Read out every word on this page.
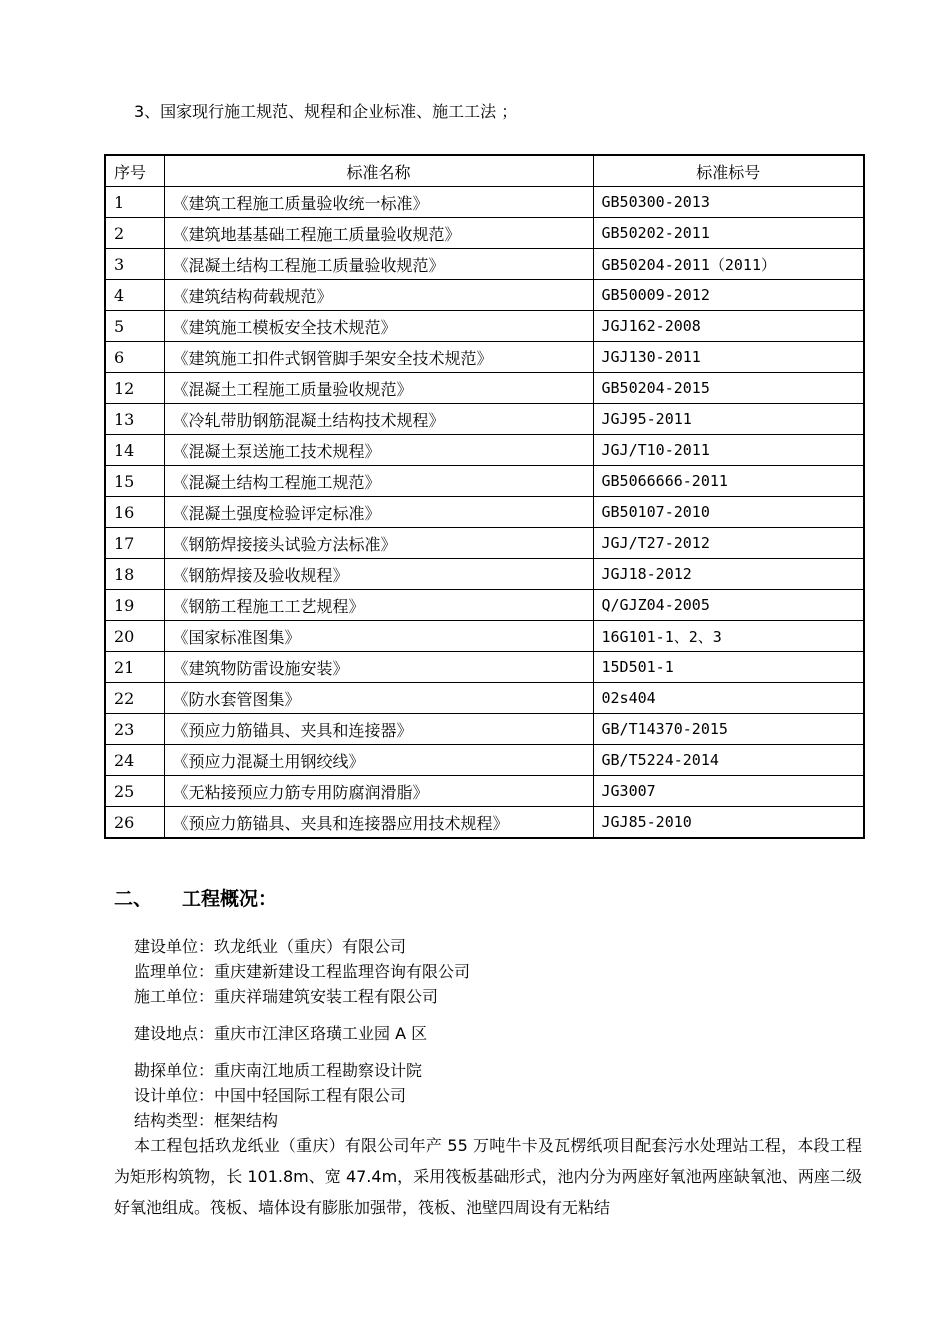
3、国家现行施工规范、规程和企业标准、施工工法 ；
序号	标准名称	标准标号
1	《建筑工程施工质量验收统一标准》	GB50300-2013
2	《建筑地基基础工程施工质量验收规范》	GB50202-2011
3	《混凝土结构工程施工质量验收规范》	GB50204-2011（2011）
4	《建筑结构荷载规范》	GB50009-2012
5	《建筑施工模板安全技术规范》	JGJ162-2008
6	《建筑施工扣件式钢管脚手架安全技术规范》	JGJ130-2011
12	《混凝土工程施工质量验收规范》	GB50204-2015
13	《冷轧带肋钢筋混凝土结构技术规程》	JGJ95-2011
14	《混凝土泵送施工技术规程》	JGJ/T10-2011
15	《混凝土结构工程施工规范》	GB5066666-2011
16	《混凝土强度检验评定标准》	GB50107-2010
17	《钢筋焊接接头试验方法标准》	JGJ/T27-2012
18	《钢筋焊接及验收规程》	JGJ18-2012
19	《钢筋工程施工工艺规程》	Q/GJZ04-2005
20	《国家标准图集》	16G101-1、2、3
21	《建筑物防雷设施安装》	15D501-1
22	《防水套管图集》	02s404
23	《预应力筋锚具、夹具和连接器》	GB/T14370-2015
24	《预应力混凝土用钢绞线》	GB/T5224-2014
25	《无粘接预应力筋专用防腐润滑脂》	JG3007
26	《预应力筋锚具、夹具和连接器应用技术规程》	JGJ85-2010
二、 工程概况：
建设单位：玖龙纸业（重庆）有限公司
监理单位：重庆建新建设工程监理咨询有限公司
施工单位：重庆祥瑞建筑安装工程有限公司
建设地点：重庆市江津区珞璜工业园 A 区
勘探单位：重庆南江地质工程勘察设计院
设计单位：中国中轻国际工程有限公司
结构类型：框架结构
本工程包括玖龙纸业（重庆）有限公司年产 55 万吨牛卡及瓦楞纸项目配套污水处理站工程，本段工程为矩形构筑物，长 101.8m、宽 47.4m，采用筏板基础形式，池内分为两座好氧池两座缺氧池、两座二级好氧池组成。筏板、墙体设有膨胀加强带，筏板、池壁四周设有无粘结
